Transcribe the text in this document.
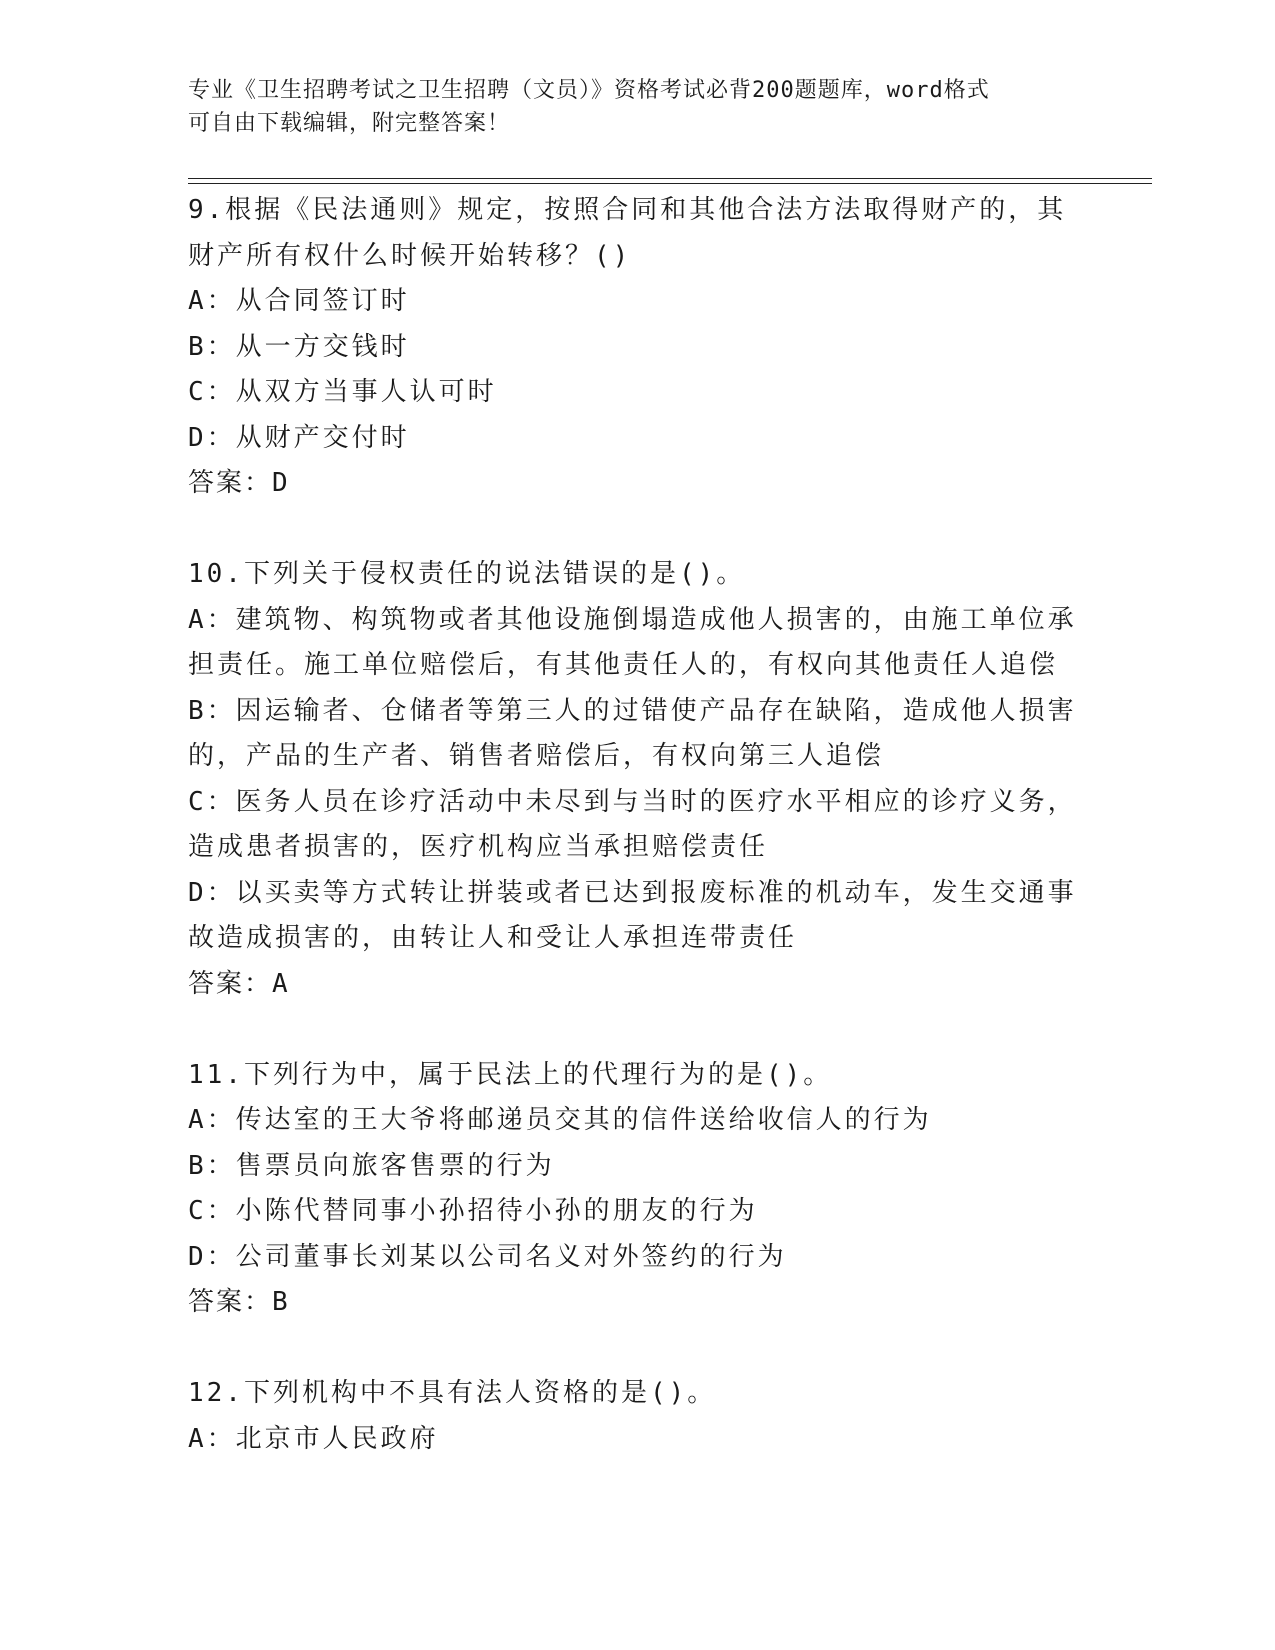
专业《卫生招聘考试之卫生招聘（文员）》资格考试必背200题题库，word格式
可自由下载编辑，附完整答案！
9.根据《民法通则》规定，按照合同和其他合法方法取得财产的，其
财产所有权什么时候开始转移？()
A：从合同签订时
B：从一方交钱时
C：从双方当事人认可时
D：从财产交付时
答案：D
10.下列关于侵权责任的说法错误的是()。
A：建筑物、构筑物或者其他设施倒塌造成他人损害的，由施工单位承
担责任。施工单位赔偿后，有其他责任人的，有权向其他责任人追偿
B：因运输者、仓储者等第三人的过错使产品存在缺陷，造成他人损害
的，产品的生产者、销售者赔偿后，有权向第三人追偿
C：医务人员在诊疗活动中未尽到与当时的医疗水平相应的诊疗义务，
造成患者损害的，医疗机构应当承担赔偿责任
D：以买卖等方式转让拼装或者已达到报废标准的机动车，发生交通事
故造成损害的，由转让人和受让人承担连带责任
答案：A
11.下列行为中，属于民法上的代理行为的是()。
A：传达室的王大爷将邮递员交其的信件送给收信人的行为
B：售票员向旅客售票的行为
C：小陈代替同事小孙招待小孙的朋友的行为
D：公司董事长刘某以公司名义对外签约的行为
答案：B
12.下列机构中不具有法人资格的是()。
A：北京市人民政府
